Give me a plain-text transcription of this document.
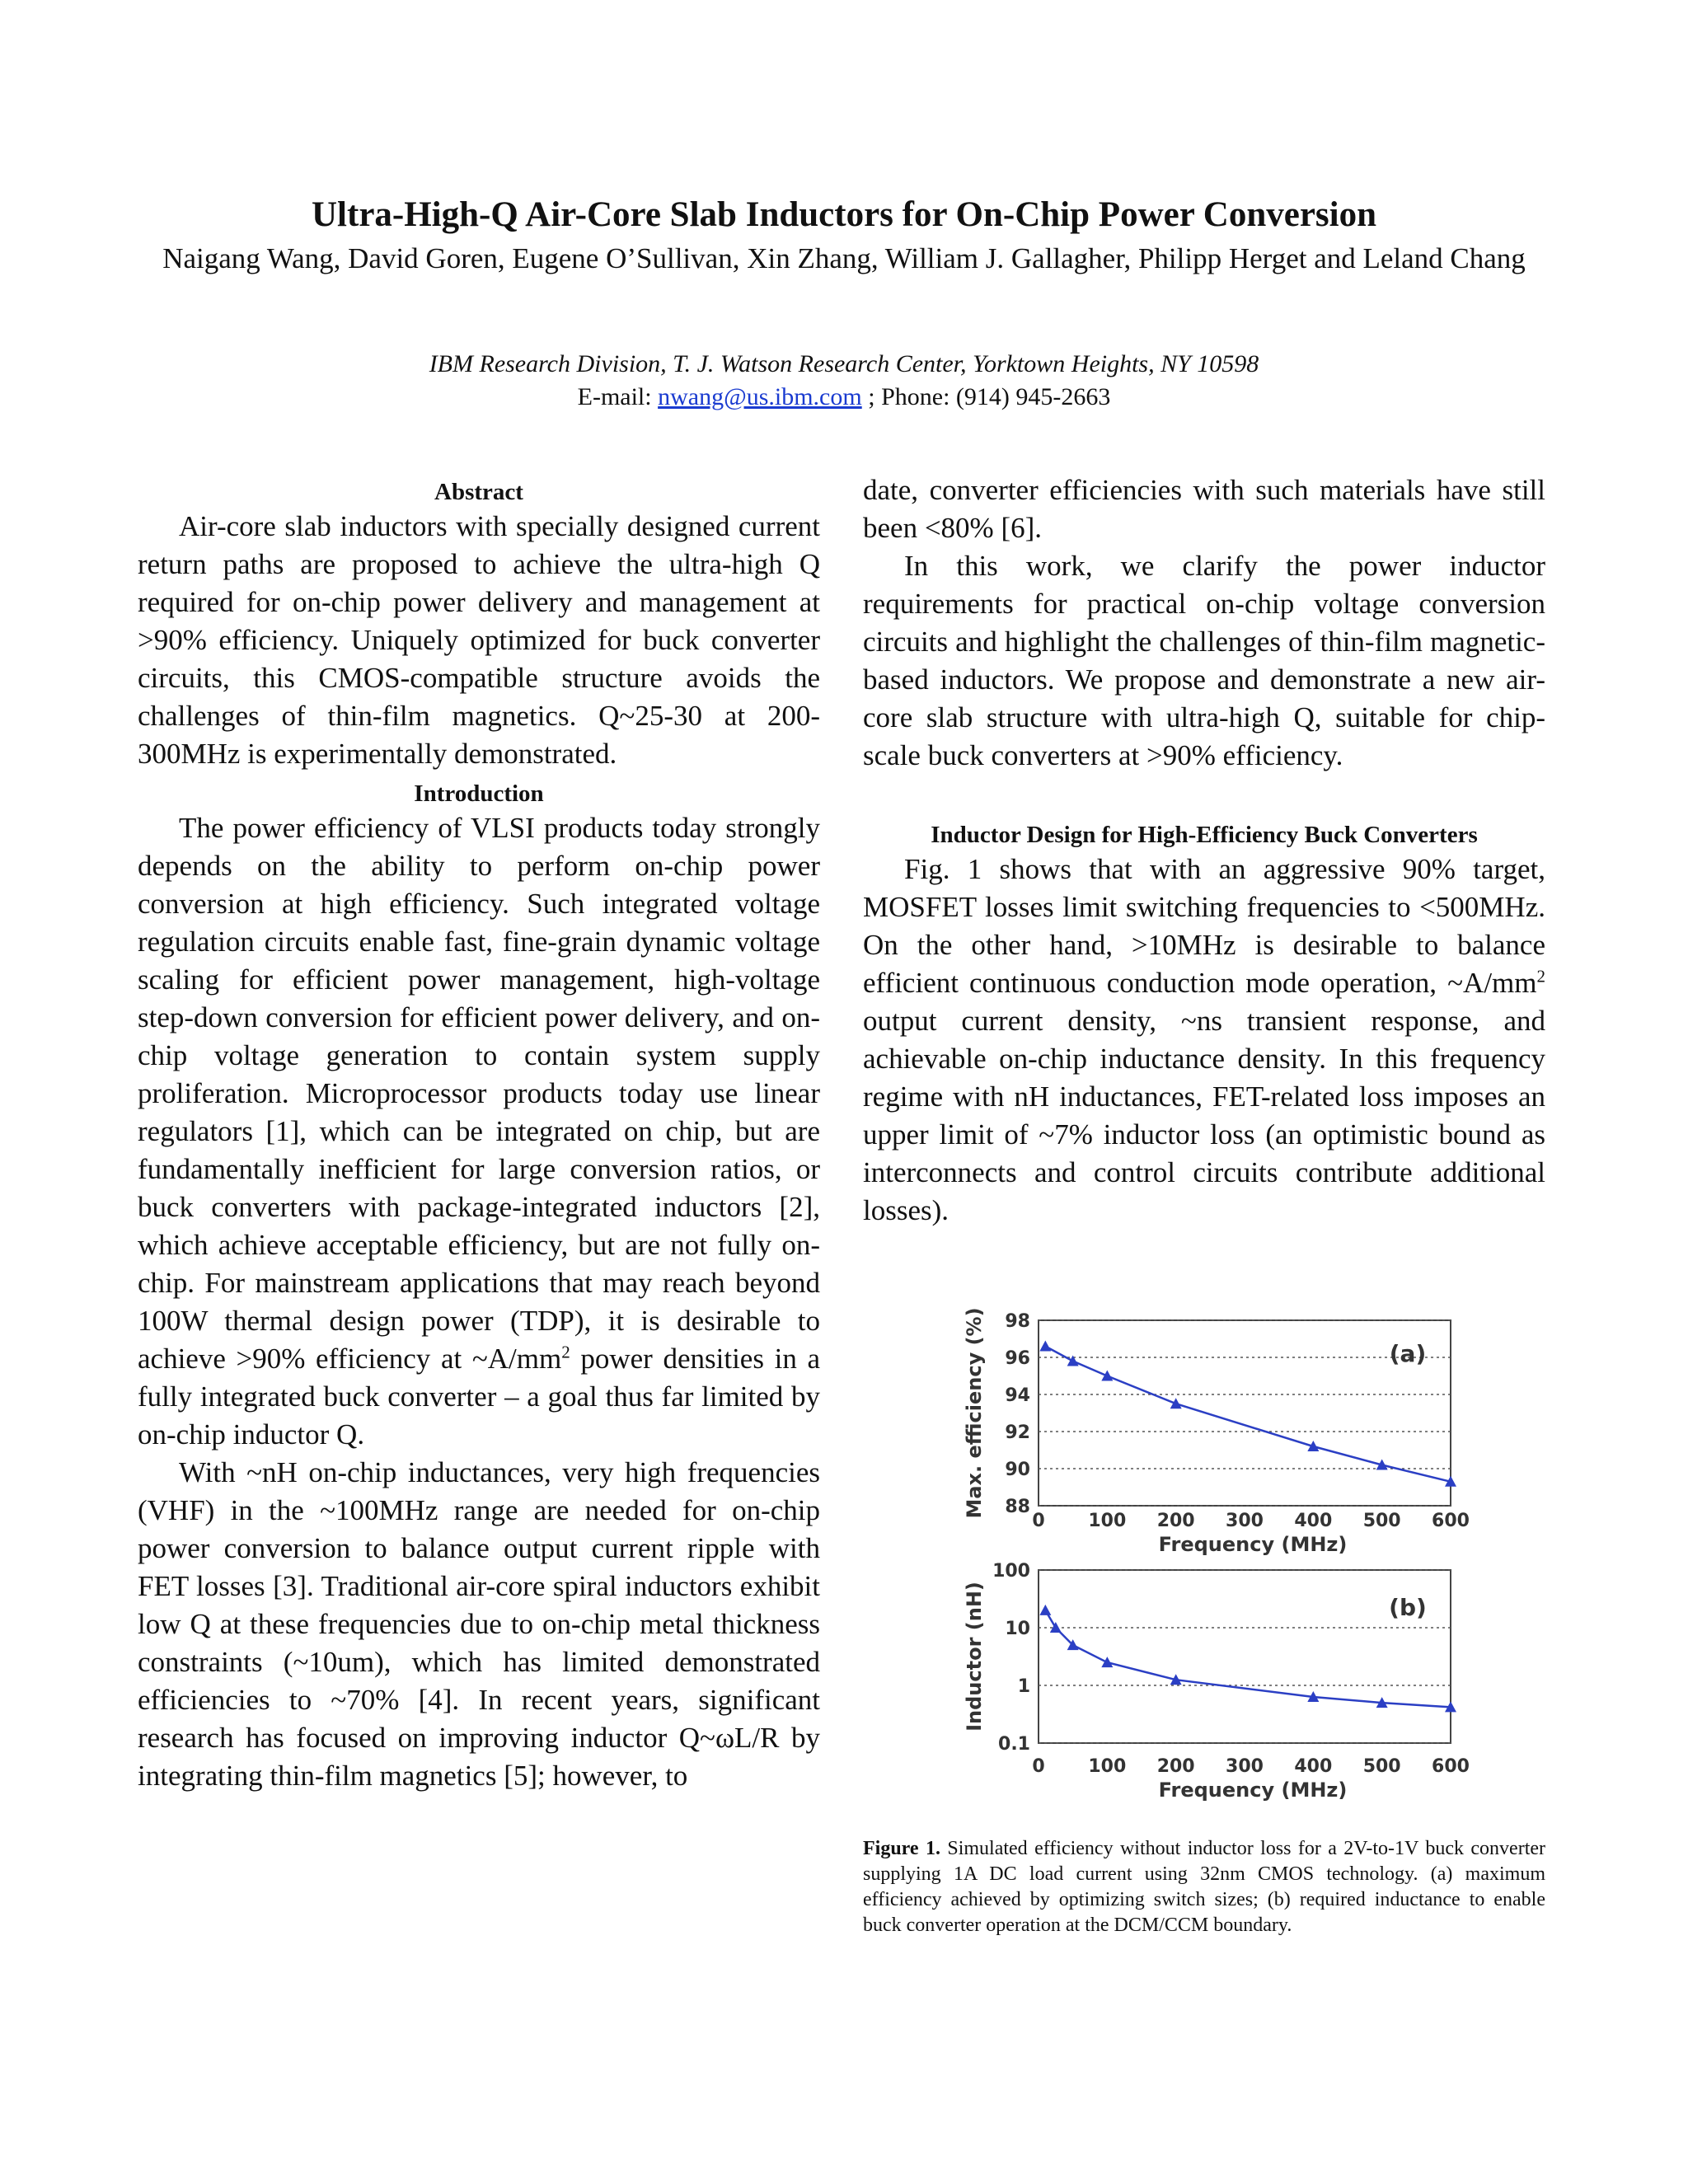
Ultra-High-Q Air-Core Slab Inductors for On-Chip Power Conversion
Naigang Wang, David Goren, Eugene O’Sullivan, Xin Zhang, William J. Gallagher, Philipp Herget and Leland Chang
IBM Research Division, T. J. Watson Research Center, Yorktown Heights, NY 10598
E-mail: nwang@us.ibm.com ; Phone: (914) 945-2663
Abstract

Air-core slab inductors with specially designed current return paths are proposed to achieve the ultra-high Q required for on-chip power delivery and management at >90% efficiency. Uniquely optimized for buck converter circuits, this CMOS-compatible structure avoids the challenges of thin-film magnetics. Q~25-30 at 200-300MHz is experimentally demonstrated.

Introduction

The power efficiency of VLSI products today strongly depends on the ability to perform on-chip power conversion at high efficiency. Such integrated voltage regulation circuits enable fast, fine-grain dynamic voltage scaling for efficient power management, high-voltage step-down conversion for efficient power delivery, and on-chip voltage generation to contain system supply proliferation. Microprocessor products today use linear regulators [1], which can be integrated on chip, but are fundamentally inefficient for large conversion ratios, or buck converters with package-integrated inductors [2], which achieve acceptable efficiency, but are not fully on-chip. For mainstream applications that may reach beyond 100W thermal design power (TDP), it is desirable to achieve >90% efficiency at $\sim A/mm^2$ power densities in a fully integrated buck converter – a goal thus far limited by on-chip inductor Q.

With ~nH on-chip inductances, very high frequencies (VHF) in the ~100MHz range are needed for on-chip power conversion to balance output current ripple with FET losses [3]. Traditional air-core spiral inductors exhibit low Q at these frequencies due to on-chip metal thickness constraints (~10um), which has limited demonstrated efficiencies to ~70% [4]. In recent years, significant research has focused on improving inductor Q~ωL/R by integrating thin-film magnetics [5]; however, to

date, converter efficiencies with such materials have still been <80% [6].

In this work, we clarify the power inductor requirements for practical on-chip voltage conversion circuits and highlight the challenges of thin-film magnetic-based inductors. We propose and demonstrate a new air-core slab structure with ultra-high Q, suitable for chip-scale buck converters at >90% efficiency.

Inductor Design for High-Efficiency Buck Converters

Fig. 1 shows that with an aggressive 90% target, MOSFET losses limit switching frequencies to <500MHz. On the other hand, >10MHz is desirable to balance efficient continuous conduction mode operation, $\sim A/mm^2$ output current density, ~ns transient response, and achievable on-chip inductance density. In this frequency regime with nH inductances, FET-related loss imposes an upper limit of ~7% inductor loss (an optimistic bound as interconnects and control circuits contribute additional losses).

98
96
94
92
90
88
0 100 200 300 400 500 600
Frequency (MHz)
Max. efficiency (%)	(a)
100
10
1
0.1
0 100 200 300 400 500 600
Frequency (MHz)
Inductor (nH)	(b)
Figure 1. Simulated efficiency without inductor loss for a 2V-to-1V buck converter supplying 1A DC load current using 32nm CMOS technology. (a) maximum efficiency achieved by optimizing switch sizes; (b) required inductance to enable buck converter operation at the DCM/CCM boundary.
